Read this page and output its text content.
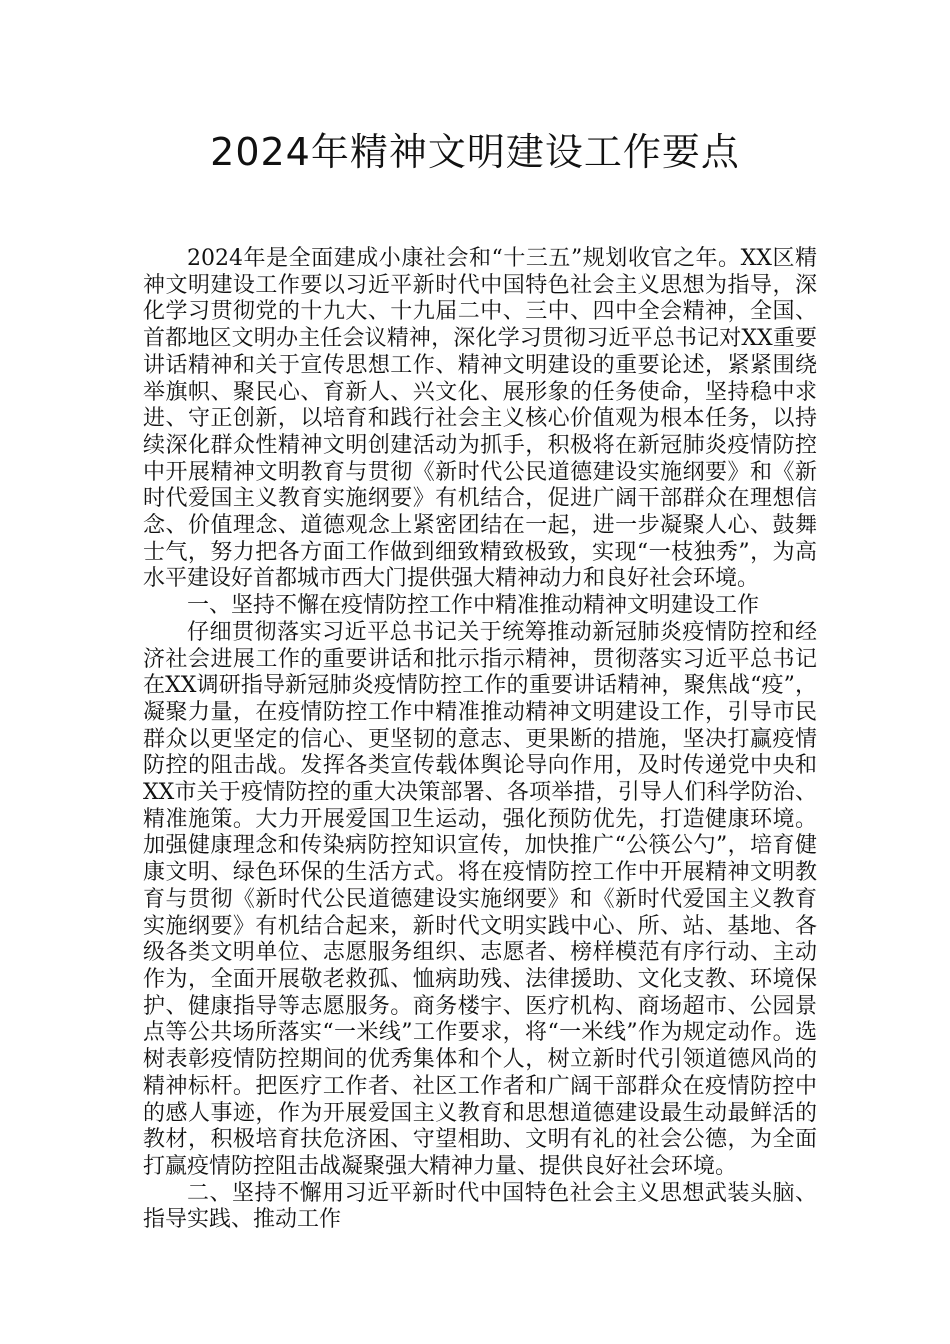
2024年精神文明建设工作要点

2024年是全面建成小康社会和“十三五”规划收官之年。XX区精神文明建设工作要以习近平新时代中国特色社会主义思想为指导，深化学习贯彻党的十九大、十九届二中、三中、四中全会精神，全国、首都地区文明办主任会议精神，深化学习贯彻习近平总书记对XX重要讲话精神和关于宣传思想工作、精神文明建设的重要论述，紧紧围绕举旗帜、聚民心、育新人、兴文化、展形象的任务使命，坚持稳中求进、守正创新，以培育和践行社会主义核心价值观为根本任务，以持续深化群众性精神文明创建活动为抓手，积极将在新冠肺炎疫情防控中开展精神文明教育与贯彻《新时代公民道德建设实施纲要》和《新时代爱国主义教育实施纲要》有机结合，促进广阔干部群众在理想信念、价值理念、道德观念上紧密团结在一起，进一步凝聚人心、鼓舞士气，努力把各方面工作做到细致精致极致，实现“一枝独秀”，为高水平建设好首都城市西大门提供强大精神动力和良好社会环境。

一、坚持不懈在疫情防控工作中精准推动精神文明建设工作

仔细贯彻落实习近平总书记关于统筹推动新冠肺炎疫情防控和经济社会进展工作的重要讲话和批示指示精神，贯彻落实习近平总书记在XX调研指导新冠肺炎疫情防控工作的重要讲话精神，聚焦战“疫”，凝聚力量，在疫情防控工作中精准推动精神文明建设工作，引导市民群众以更坚定的信心、更坚韧的意志、更果断的措施，坚决打赢疫情防控的阻击战。发挥各类宣传载体舆论导向作用，及时传递党中央和XX市关于疫情防控的重大决策部署、各项举措，引导人们科学防治、精准施策。大力开展爱国卫生运动，强化预防优先，打造健康环境。加强健康理念和传染病防控知识宣传，加快推广“公筷公勺”，培育健康文明、绿色环保的生活方式。将在疫情防控工作中开展精神文明教育与贯彻《新时代公民道德建设实施纲要》和《新时代爱国主义教育实施纲要》有机结合起来，新时代文明实践中心、所、站、基地、各级各类文明单位、志愿服务组织、志愿者、榜样模范有序行动、主动作为，全面开展敬老救孤、恤病助残、法律援助、文化支教、环境保护、健康指导等志愿服务。商务楼宇、医疗机构、商场超市、公园景点等公共场所落实“一米线”工作要求，将“一米线”作为规定动作。选树表彰疫情防控期间的优秀集体和个人，树立新时代引领道德风尚的精神标杆。把医疗工作者、社区工作者和广阔干部群众在疫情防控中的感人事迹，作为开展爱国主义教育和思想道德建设最生动最鲜活的教材，积极培育扶危济困、守望相助、文明有礼的社会公德，为全面打赢疫情防控阻击战凝聚强大精神力量、提供良好社会环境。

二、坚持不懈用习近平新时代中国特色社会主义思想武装头脑、指导实践、推动工作
